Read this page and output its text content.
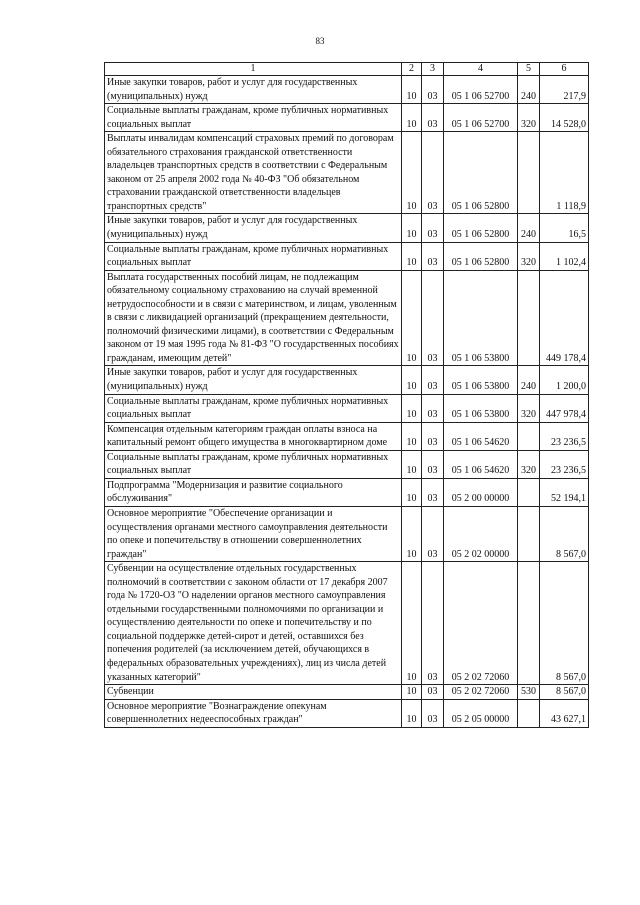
83
1	2	3	4	5	6
Иные закупки товаров, работ и услуг для государственных (муниципальных) нужд	10	03	05 1 06 52700	240	217,9
Социальные выплаты гражданам, кроме публичных нормативных социальных выплат	10	03	05 1 06 52700	320	14 528,0
Выплаты инвалидам компенсаций страховых премий по договорам обязательного страхования гражданской ответственности владельцев транспортных средств в соответствии с Федеральным законом от 25 апреля 2002 года № 40-ФЗ "Об обязательном страховании гражданской ответственности владельцев транспортных средств"	10	03	05 1 06 52800		1 118,9
Иные закупки товаров, работ и услуг для государственных (муниципальных) нужд	10	03	05 1 06 52800	240	16,5
Социальные выплаты гражданам, кроме публичных нормативных социальных выплат	10	03	05 1 06 52800	320	1 102,4
Выплата государственных пособий лицам, не подлежащим обязательному социальному страхованию на случай временной нетрудоспособности и в связи с материнством, и лицам, уволенным в связи с ликвидацией организаций (прекращением деятельности, полномочий физическими лицами), в соответствии с Федеральным законом от 19 мая 1995 года № 81-ФЗ "О государственных пособиях гражданам, имеющим детей"	10	03	05 1 06 53800		449 178,4
Иные закупки товаров, работ и услуг для государственных (муниципальных) нужд	10	03	05 1 06 53800	240	1 200,0
Социальные выплаты гражданам, кроме публичных нормативных социальных выплат	10	03	05 1 06 53800	320	447 978,4
Компенсация отдельным категориям граждан оплаты взноса на капитальный ремонт общего имущества в многоквартирном доме	10	03	05 1 06 54620		23 236,5
Социальные выплаты гражданам, кроме публичных нормативных социальных выплат	10	03	05 1 06 54620	320	23 236,5
Подпрограмма "Модернизация и развитие социального обслуживания"	10	03	05 2 00 00000		52 194,1
Основное мероприятие "Обеспечение организации и осуществления органами местного самоуправления деятельности по опеке и попечительству в отношении совершеннолетних граждан"	10	03	05 2 02 00000		8 567,0
Субвенции на осуществление отдельных государственных полномочий в соответствии с законом области от 17 декабря 2007 года № 1720-ОЗ "О наделении органов местного самоуправления отдельными государственными полномочиями по организации и осуществлению деятельности по опеке и попечительству и по социальной поддержке детей-сирот и детей, оставшихся без попечения родителей (за исключением детей, обучающихся в федеральных образовательных учреждениях), лиц из числа детей указанных категорий"	10	03	05 2 02 72060		8 567,0
Субвенции	10	03	05 2 02 72060	530	8 567,0
Основное мероприятие "Вознаграждение опекунам совершеннолетних недееспособных граждан"	10	03	05 2 05 00000		43 627,1
